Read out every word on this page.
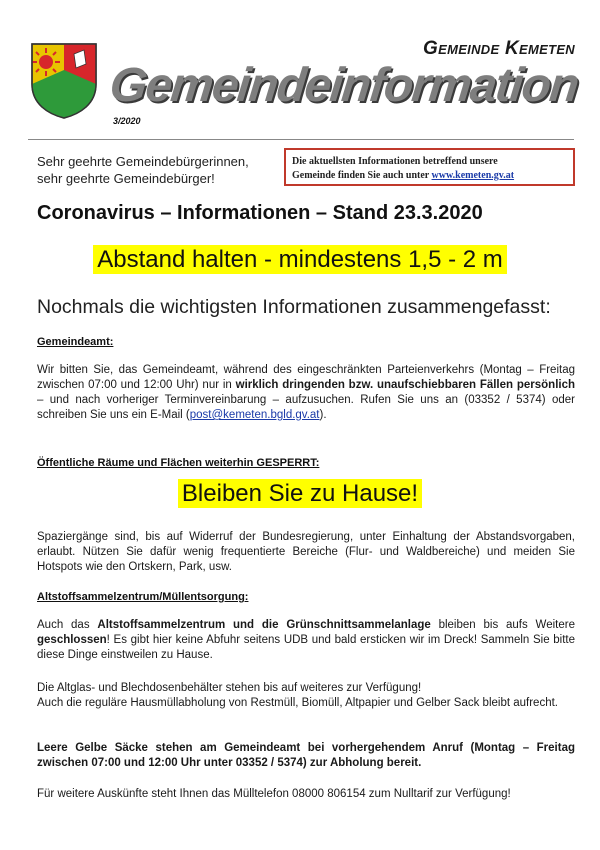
Gemeinde Kemeten
Gemeindeinformation
3/2020
Sehr geehrte Gemeindebürgerinnen,
sehr geehrte Gemeindebürger!
Die aktuellsten Informationen betreffend unsere
Gemeinde finden Sie auch unter www.kemeten.gv.at
Coronavirus – Informationen – Stand 23.3.2020
Abstand halten - mindestens 1,5 - 2 m
Nochmals die wichtigsten Informationen zusammengefasst:
Gemeindeamt:
Wir bitten Sie, das Gemeindeamt, während des eingeschränkten Parteienverkehrs (Montag – Freitag zwischen 07:00 und 12:00 Uhr) nur in wirklich dringenden bzw. unaufschiebbaren Fällen persönlich – und nach vorheriger Terminvereinbarung – aufzusuchen. Rufen Sie uns an (03352 / 5374) oder schreiben Sie uns ein E-Mail (post@kemeten.bgld.gv.at).
Öffentliche Räume und Flächen weiterhin GESPERRT:
Bleiben Sie zu Hause!
Spaziergänge sind, bis auf Widerruf der Bundesregierung, unter Einhaltung der Abstandsvorgaben, erlaubt. Nützen Sie dafür wenig frequentierte Bereiche (Flur- und Waldbereiche) und meiden Sie Hotspots wie den Ortskern, Park, usw.
Altstoffsammelzentrum/Müllentsorgung:
Auch das Altstoffsammelzentrum und die Grünschnittsammelanlage bleiben bis aufs Weitere geschlossen! Es gibt hier keine Abfuhr seitens UDB und bald ersticken wir im Dreck! Sammeln Sie bitte diese Dinge einstweilen zu Hause.
Die Altglas- und Blechdosenbehälter stehen bis auf weiteres zur Verfügung!
Auch die reguläre Hausmüllabholung von Restmüll, Biomüll, Altpapier und Gelber Sack bleibt aufrecht.
Leere Gelbe Säcke stehen am Gemeindeamt bei vorhergehendem Anruf (Montag – Freitag zwischen 07:00 und 12:00 Uhr unter 03352 / 5374) zur Abholung bereit.
Für weitere Auskünfte steht Ihnen das Mülltelefon 08000 806154 zum Nulltarif zur Verfügung!
